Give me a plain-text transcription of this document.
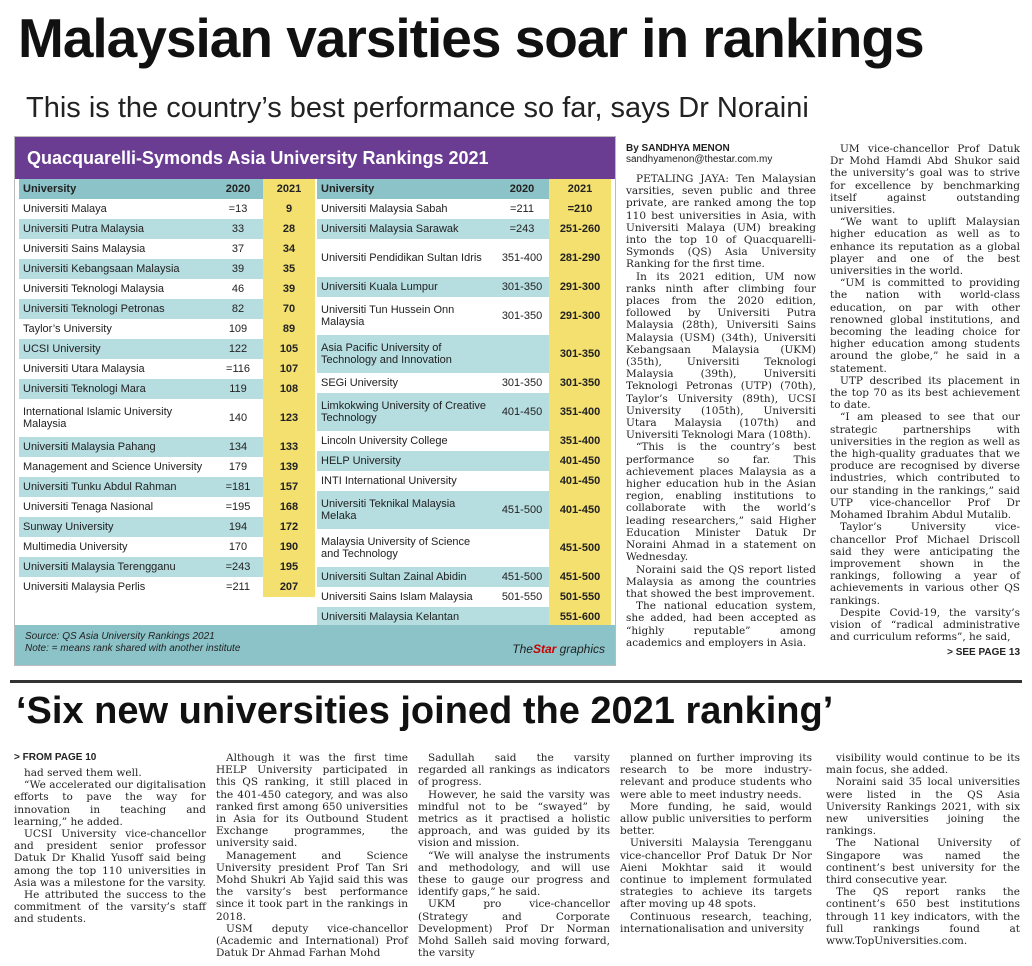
Malaysian varsities soar in rankings
This is the country’s best performance so far, says Dr Noraini
Quacquarelli-Symonds Asia University Rankings 2021
University	2020	2021
Universiti Malaya	=13	9
Universiti Putra Malaysia	33	28
Universiti Sains Malaysia	37	34
Universiti Kebangsaan Malaysia	39	35
Universiti Teknologi Malaysia	46	39
Universiti Teknologi Petronas	82	70
Taylor’s University	109	89
UCSI University	122	105
Universiti Utara Malaysia	=116	107
Universiti Teknologi Mara	119	108
International Islamic University Malaysia	140	123
Universiti Malaysia Pahang	134	133
Management and Science University	179	139
Universiti Tunku Abdul Rahman	=181	157
Universiti Tenaga Nasional	=195	168
Sunway University	194	172
Multimedia University	170	190
Universiti Malaysia Terengganu	=243	195
Universiti Malaysia Perlis	=211	207
University	2020	2021
Universiti Malaysia Sabah	=211	=210
Universiti Malaysia Sarawak	=243	251-260
Universiti Pendidikan Sultan Idris	351-400	281-290
Universiti Kuala Lumpur	301-350	291-300
Universiti Tun Hussein Onn Malaysia	301-350	291-300
Asia Pacific University of Technology and Innovation		301-350
SEGi University	301-350	301-350
Limkokwing University of Creative Technology	401-450	351-400
Lincoln University College		351-400
HELP University		401-450
INTI International University		401-450
Universiti Teknikal Malaysia Melaka	451-500	401-450
Malaysia University of Science and Technology		451-500
Universiti Sultan Zainal Abidin	451-500	451-500
Universiti Sains Islam Malaysia	501-550	501-550
Universiti Malaysia Kelantan		551-600
Source: QS Asia University Rankings 2021
Note: = means rank shared with another institute	TheStar graphics
By SANDHYA MENON
sandhyamenon@thestar.com.my

PETALING JAYA: Ten Malaysian varsities, seven public and three private, are ranked among the top 110 best universities in Asia, with Universiti Malaya (UM) breaking into the top 10 of Quacquarelli-Symonds (QS) Asia University Ranking for the first time.

In its 2021 edition, UM now ranks ninth after climbing four places from the 2020 edition, followed by Universiti Putra Malaysia (28th), Universiti Sains Malaysia (USM) (34th), Universiti Kebangsaan Malaysia (UKM) (35th), Universiti Teknologi Malaysia (39th), Universiti Teknologi Petronas (UTP) (70th), Taylor’s University (89th), UCSI University (105th), Universiti Utara Malaysia (107th) and Universiti Teknologi Mara (108th).

“This is the country’s best performance so far. This achievement places Malaysia as a higher education hub in the Asian region, enabling institutions to collaborate with the world’s leading researchers,” said Higher Education Minister Datuk Dr Noraini Ahmad in a statement on Wednesday.

Noraini said the QS report listed Malaysia as among the countries that showed the best improvement.

The national education system, she added, had been accepted as “highly reputable” among academics and employers in Asia.

UM vice-chancellor Prof Datuk Dr Mohd Hamdi Abd Shukor said the university’s goal was to strive for excellence by benchmarking itself against outstanding universities.

“We want to uplift Malaysian higher education as well as to enhance its reputation as a global player and one of the best universities in the world.

“UM is committed to providing the nation with world-class education, on par with other renowned global institutions, and becoming the leading choice for higher education among students around the globe,” he said in a statement.

UTP described its placement in the top 70 as its best achievement to date.

“I am pleased to see that our strategic partnerships with universities in the region as well as the high-quality graduates that we produce are recognised by diverse industries, which contributed to our standing in the rankings,” said UTP vice-chancellor Prof Dr Mohamed Ibrahim Abdul Mutalib.

Taylor’s University vice-chancellor Prof Michael Driscoll said they were anticipating the improvement shown in the rankings, following a year of achievements in various other QS rankings.

Despite Covid-19, the varsity’s vision of “radical administrative and curriculum reforms”, he said,

> SEE PAGE 13
‘Six new universities joined the 2021 ranking’
> FROM PAGE 10

had served them well.

“We accelerated our digitalisation efforts to pave the way for innovation in teaching and learning,” he added.

UCSI University vice-chancellor and president senior professor Datuk Dr Khalid Yusoff said being among the top 110 universities in Asia was a milestone for the varsity.

He attributed the success to the commitment of the varsity’s staff and students.

Although it was the first time HELP University participated in this QS ranking, it still placed in the 401-450 category, and was also ranked first among 650 universities in Asia for its Outbound Student Exchange programmes, the university said.

Management and Science University president Prof Tan Sri Mohd Shukri Ab Yajid said this was the varsity’s best performance since it took part in the rankings in 2018.

USM deputy vice-chancellor (Academic and International) Prof Datuk Dr Ahmad Farhan Mohd

Sadullah said the varsity regarded all rankings as indicators of progress.

However, he said the varsity was mindful not to be “swayed” by metrics as it practised a holistic approach, and was guided by its vision and mission.

“We will analyse the instruments and methodology, and will use these to gauge our progress and identify gaps,” he said.

UKM pro vice-chancellor (Strategy and Corporate Development) Prof Dr Norman Mohd Salleh said moving forward, the varsity

planned on further improving its research to be more industry-relevant and produce students who were able to meet industry needs.

More funding, he said, would allow public universities to perform better.

Universiti Malaysia Terengganu vice-chancellor Prof Datuk Dr Nor Aieni Mokhtar said it would continue to implement formulated strategies to achieve its targets after moving up 48 spots.

Continuous research, teaching, internationalisation and university

visibility would continue to be its main focus, she added.

Noraini said 35 local universities were listed in the QS Asia University Rankings 2021, with six new universities joining the rankings.

The National University of Singapore was named the continent’s best university for the third consecutive year.

The QS report ranks the continent’s 650 best institutions through 11 key indicators, with the full rankings found at www.TopUniversities.com.
